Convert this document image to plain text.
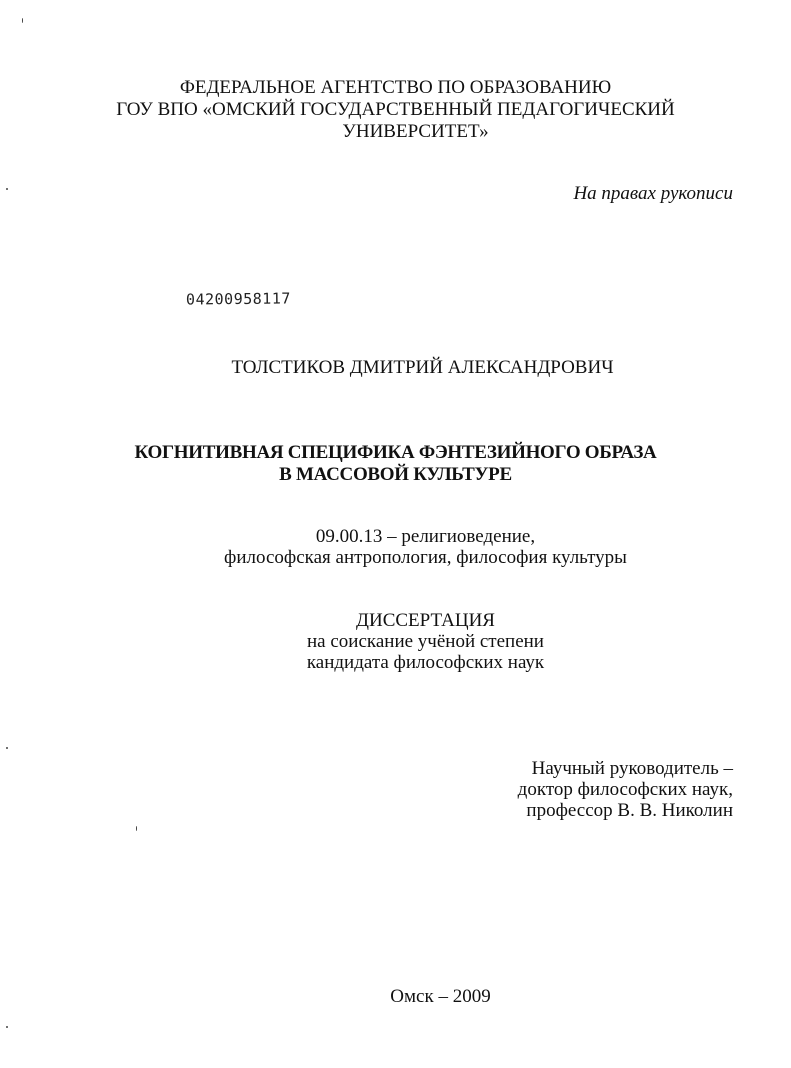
ФЕДЕРАЛЬНОЕ АГЕНТСТВО ПО ОБРАЗОВАНИЮ
ГОУ ВПО «ОМСКИЙ ГОСУДАРСТВЕННЫЙ ПЕДАГОГИЧЕСКИЙ
УНИВЕРСИТЕТ»
На правах рукописи
04200958117
ТОЛСТИКОВ ДМИТРИЙ АЛЕКСАНДРОВИЧ
КОГНИТИВНАЯ СПЕЦИФИКА ФЭНТЕЗИЙНОГО ОБРАЗА
В МАССОВОЙ КУЛЬТУРЕ
09.00.13 – религиоведение,
философская антропология, философия культуры
ДИССЕРТАЦИЯ
на соискание учёной степени
кандидата философских наук
Научный руководитель –
доктор философских наук,
профессор В. В. Николин
Омск – 2009
